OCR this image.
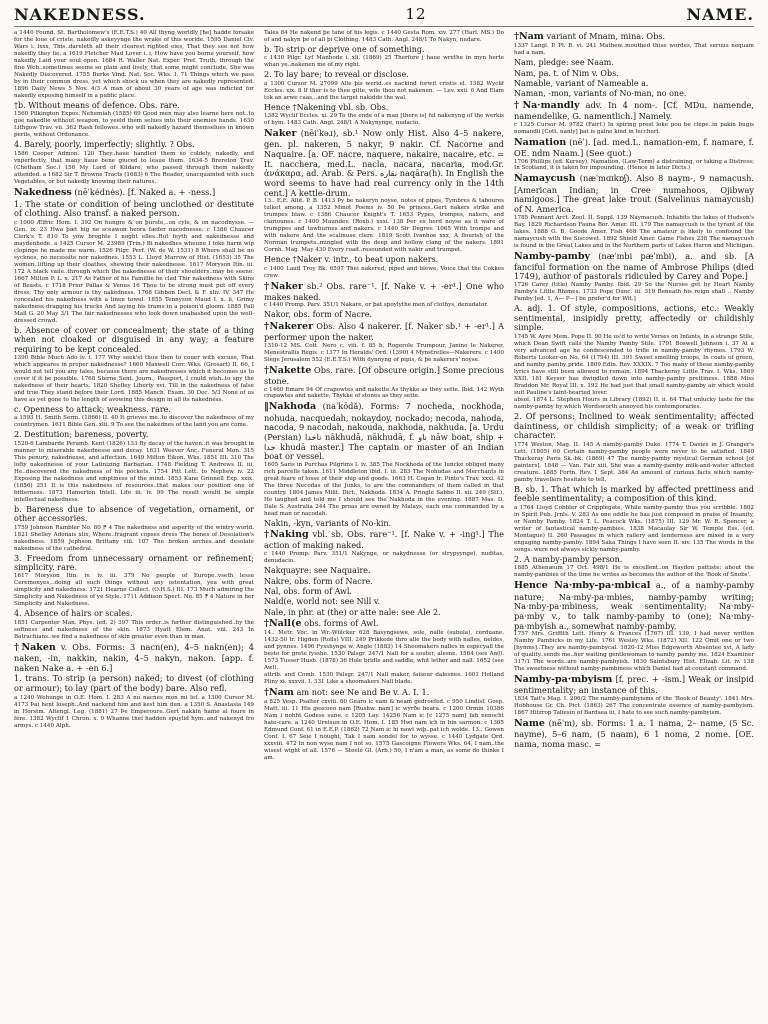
NAKEDNESS.	12	NAME.
a 1440 Found. St. Bartholomew's (E.E.T.S.) 40 All thyng worldly [he] hadde forsake for the loue of criste, nakedly askeyynge the wrake of this worlde. 1595 Daniel Civ. Wars i. lxxx, This..dareleth all their clearest righted eies, That they see not how nakedly they lie. a 1619 Fletcher Mad Lover i. i, How have you borne yourself, how nakedly Laid your soul open. 1684 R. Waller Nat. Exper. Pref. Truth, through the fine Web..sometimes seems so plain and lively, that some might conclude, She was Nakedly Discovered. 1755 Burke Vind. Nat. Soc. Wks. I. 71 Things which we pass by in their common dress, yet which shock us when they are nakedly represented. 1896 Daily News 5 Nov. 4/3 A man of about 30 years of age was indicted for nakedly exposing himself in a public place.
†b. Without means of defence. Obs. rare.
1560 Pilkington Expos. Nehemiah (1585) 69 Good men may also learne here not..to goe nakedlie without weapon, to yeeld them selues into their enemies hands. 1630 Lithgow Trav. vii. 362 Rash fellowes..who will nakedly hazard themselues in known perils, without Ordonance.
4. Barely, poorly, imperfectly; slightly. ? Obs.
1586 Cooper Admon. 120 They..haue handled them so coldely, nakedly, and vnperfectly, that many haue bene giuced to leaue them. 1634-5 Brereton Trav. (Chetham Soc.) 156 My Lord of Kildare, who passed through them nakedly attended. a 1682 Sir T. Browne Tracts (1683) 6 The Reader, unacquainted with such Vegetables, or but nakedly knowing their natures.
Nakedness (nēˈkėdnės). [f. Naked a. + -ness.]
1. The state or condition of being unclothed or destitute of clothing. Also transf. a naked person.
c 1000 Ælfric Hom. I. 392 On hungre & on þurste,..on cyle, & on nacodnysse. — Gen. ix. 23 Hwa þæt hig ne sceawon heora fæder nacodnesse. c 1386 Chaucer Clerk's T. 810 To yow broghte I noght elles..But feyth and nakednesse and maydenhede. a 1425 Cursor M. 23989 (Trin.) Bi nakedhes wheune I toke harm wip clopinge he made me warm. 1526 Pilgr. Perf. (W. de W. 1531) 8 Where shall be no sycknes, no necessite nor nakednes. 1553 L. Lloyd Marrow of Hist. (1653) 35 The women..lifting up their cloathes, shewing their nakednesse. 1617 Moryson Itin. iii. 172 A black vaile..through which the nakednesse of their shoulders..may be seene. 1667 Milton P. L. x. 217 As Father of his Famillie he clad Thir nakedness with Skins of Beasts. c 1718 Prior Pallas & Venus 16 Thou to be strong must put off every dress; Thy only armour is thy nakedness. 1768 Gibbon Decl. & F. xliv. IV. 347 He concealed his nakedness with a linen towel. 1855 Tennyson Maud I. x. ii, Grimy nakedness dragging his trucks And laying his trams in a poison'd gloom. 1885 Pall Mall G. 20 May 3/1 The fair nakednesses who look down unabashed upon the well-dressed crowd.
b. Absence of cover or concealment; the state of a thing when not cloaked or disguised in any way; a feature requiring to be kept concealed.
1390 Bible Much Ado iv. i. 177 Why seek'st thou then to couer with excuse, That which appeares in proper nakednesse? 1660 Maxwell Corr. Wks. (Grosart) II. 66, I would not tell you any tales, because there are nakednesses which it becomes us to cover if it be possible. 1768 Sterne Sent. Journ., Passport, I could wish..to spy the nakedness of their hearts. 1820 Shelley Liberty xvi, Till in the nakedness of false and true They stand before their Lord. 1885 Manch. Exam. 30 Dec. 5/3 None of us have as yet gone to the length of avowing this design in all its nakedness.
c. Openness to attack; weakness. rare.
a 1593 H. Smith Serm. (1866) II. 40 It grieves me..to discover the nakedness of my countrymen. 1611 Bible Gen. xlii. 9 To see the nakednes of the land you are come.
2. Destitution; bareness, poverty.
1520-6 Lambarde Peramb. Kent (1826) 133 By decay of the haven..it was brought in manner to miserable nakednesse and decay. 1631 Weever Anc. Funeral Mon. 315 This penury, nakednesse, and affection. 1649 Milton Eikon. Wks. 1851 III. 310 The lofty nakednesse of your Latinizing Barbarian. 1748 Fielding T. Andrews II. iii, He..discovered the nakedness of his pockets. 1754 Pitt Lett. to Nephew iv. 22 Exposing the nakedness and emptiness of the mind. 1853 Kane Grinnell Exp. xxix. (1856) 251 It is this nakedness of resources..that makes our position one of bitterness. 1873 Hamerton Intell. Life iii. iv. 99 The result would be simple intellectual nakedness.
b. Bareness due to absence of vegetation, ornament, or other accessories.
1759 Johnson Rambler No. 80 ⁋ 4 The nakedness and asperity of the wintry world. 1821 Shelley Adonais xlix, Where..fragrant copses dress The bones of Desolation's nakedness. 1859 Jephson Brittany viii. 107 The broken arches..and desolate nakedness of the cathedral.
3. Freedom from unnecessary ornament or refinement; simplicity. rare.
1617 Moryson Itin. iv. iv. iii. 379 No people of Europe..vseth lesse Ceremonyes,..doing all such things without any ostentation, yea with great simplicity and nakedness. 1721 Hearne Collect. (O.H.S.) III. 173 Much admiring the Simplicity and Nakedness of ye Style. 1711 Addison Spect. No. 85 ⁋ 4 Nature in her Simplicity and Nakedness.
4. Absence of hairs or scales.
1851 Carpenter Man. Phys. (ed. 2) 397 This order..is further distinguished..by the softness and nakedness of the skin. 1873 Hyatt Elem. Anat. viii. 243 In Batrachians..we find a nakedness of skin greater even than in man.
†Naken v. Obs. Forms: 3 nacn(en), 4–5 nakn(en); 4 naken, -in, nakkin, nakin, 4–5 nakyn, nakon. [app. f. naken Nake a. + -en 6.]
1. trans. To strip (a person) naked; to divest (of clothing or armour); to lay (part of the body) bare. Also refl.
a 1240 Wohunge in O.E. Hom. I. 283 A nu nacnes mon mi lef. a 1300 Cursor M. 4173 Þai hent loseph..And nackend him and kest him dun. a 1350 S. Anastasia 149 in Horstm. Altengl. Leg. (1881) 27 Þe Emperoure..Gert nakkin hame al foure in fere. 1382 Wyclif 1 Chron. x. 9 Whanne thei hadden spuylid hym..and nakenyd fro armys. c 1440 Alph.
Tales 84 He nakend þe tane of his legis. c 1440 Gesta Rom. xiv. 277 (Harl. MS.) Do of and nakyn þe of all þi Clothing. 1483 Cath. Angl. 248/1 To Nakyn, nudare.
b. To strip or deprive one of something.
c 1430 Pilgr. Lyf Manhode i. xli. (1869) 25 Therfore j haue wrethe in myn herte whan ye..nakenen me of my right.
2. To lay bare; to reveal or disclose.
a 1300 Cursor M. 27099 Alle þis werld..es nackind forwit cristis el. 1382 Wyclif Eccles. xix. 8 If ther is to thee gilte, wile thou not nakenen. — Lev. xxii. 6 And Elam tok an arwe caas,..and the target nakidde the wal.
Hence †Nakening vbl. sb. Obs.
1382 Wyclif Eccles. xi. 29 To the ende of a man [there is] ful nakenyng of the werkis of hym. 1483 Cath. Angl. 248/1 A Nakynynge, nudacio.
Naker (nēiˈkəɹ), sb.¹ Now only Hist. Also 4–5 nakere, gen. pl. nakeren, 5 nakyr, 9 nakir. Cf. Nacorne and Naquaire. [a. OF. nacre, naquere, nakaire, nacaire, etc. = It. nacchera, med.L. nacla, nacara, nacaria, mod.Gr. ἀνάκαρα, ad. Arab. & Pers. نقاره naqāra(h). In English the word seems to have had real currency only in the 14th cent.] A kettle-drum.
13.. E.E. Allit. P. B. 1413 Þy be nakeryn noyse, notes of pipes, Tymbres & taboures tulket among. a 1352 Minot Poems iv. 50 Þe princes..Gert nakers strike and trumpes blaw. c 1386 Chaucer Knight's T. 1653 Pypes, trompes, nakers, and clariounes. c 1400 Maundev. (Roxb.) xxxi. 138 Þer es herd noyse as it ware of trumppes and tawburnes and nakers. c 1440 Sir Degrev. 1065 With trompe and with nakere And the scalmuse clere. 1819 Scott Ivanhoe xxx, A flourish of the Norman trumpets..mingled with the deep and hollow clang of the nakers. 1891 Cornh. Mag. May 430 Every road..resounded with nakir and trumpet.
Hence †Naker v. intr., to beat upon nakers.
c 1400 Laud Troy Bk. 6597 Thei nakered, piped and blewe, Voice that the Cokkes crew.
†Naker sb.² Obs. rare⁻¹. [f. Nake v. + -er¹.] One who makes naked.
c 1440 Promp. Parv. 351/1 Nakare, or þat spoylythe men of clothys, denudator.
Nakor, obs. form of Nacre.
†Nakerer Obs. Also 4 nakerer. [f. Naker sb.¹ + -er¹.] A performer upon the naker.
1310-12 MS. Cott. Nero c. viii. f. 85 b, Rogerole Trumpour, Janino le Nakerer, Menestrallis Regis. c 1377 In Heralds' Ord. (1390) 4 Mynstrelles—Nakerers. c 1400 Siege Jerusalem 552 (E.E.T.S.) With dynnyng of pipis, & þe nakerers' noyse.
†Nakette Obs. rare. [Of obscure origin.] Some precious stone.
c 1460 Emare 94 Of crapowtes and nakette As thykke as they sette. Ibid. 142 Wyth crapawtes and nakette, Thykke of stones as they sette.
‖Nakhoda (naˈkōdă). Forms: 7 nocheda, nockhoda, nohuda, nacquedah, nokaydoy, nockado; necoda, nahoda, nacoda, 9 nacodah, nakouda, nakhoda, nakhuda. [a. Urdu (Persian) ناخدا nākhudā, nākhudā, f. ناو nāw boat, ship + خدا khudā master.] The captain or master of an Indian boat or vessel.
1605 Saris in Purchas Pilgrims I. iv. 385 The Nockhoda of the Iuncke obliged many rich parcells taken. 1611 Middleton ibid. I. iii. 283 The Nohudas and Merchants in great feare of losse of their ship and goods. 1663 H. Cogan tr. Pinto's Trav. xxxi. 42 The three Necodas of the Junks, to are the commanders of them called in that country. 1804 James Milit. Dict., Nakhoda. 1834 A. Pringle Sabbo II. xii. 249 (Stf.), He laughed and told me I should see the Nakhoda in the evening. 1887 Mas. D. Dale S. Australia 244 The proas are owned by Malays, each one commanded by a head man or nacodah.
Nakin, -kyn, variants of No-kin.
†Naking vbl. sb. Obs. rare⁻¹. [f. Nake v. + -ing¹.] The action of making naked.
c 1440 Promp. Parv. 351/1 Nakynge, or nakydnesse (or strypyynge), nuditas, denudacio.
Nakquayre: see Naquaire.
Nakre, obs. form of Nacre.
Nal, obs. form of Awl.
Nald(e, world not: see Nill v.
Nale, in phr. at (the) or atte nale: see Ale 2.
†Nall(e obs. forms of Awl.
14.. Metr. Voc. in Wr.-Wülcker 628 Basyngsewe, sole, nalle (subula), corduane. 1432-50 tr. Higden (Rolls) VIII. 249 Prikkede thro alle the body with nalles, neldes, and pynnes. 1496 Fysshynge w. Angle (1883) 14 Shoomakers nalles in especyall the beste for grete fysshe. 1530 Palsgr. 247/1 Nall for a souter, alesne. 1564 (see Awl). 1573 Tusser Husb. (1878) 36 Hole bridle and saddle, whit lether and nall. 1652 (see Awl).
attrib. and Comb. 1530 Palsgr. 247/1 Nall maker, faiseur dalesnes. 1601 Holland Pliny xi. xxxvii. I. 331 Like a shoomakers Nall blade.
†Nam am not: see Ne and Be v. A. I. 1.
a 825 Vesp. Psalter cxviii. 60 Gearo ic eam & neam gedroefed. c 950 Lindisf. Gosp. Matt. iii. 11 His gescoeo nam [Rushw. nam] ic wyrðe beara. c 1200 Ormin 10386 Nam i nohht Godess sune. c 1205 Lay. 14256 Nam ic [c 1275 nam] fah nenocht hate-care. a 1240 Ureisun in O.E. Hom. I. 185 Hwi nam ich in bin sarmon. c 1305 Edmund Conf. 61 in E.E.P. (1862) 72 Nam ic hi nawt wiþ..pat ich wolde. 13.. Gowen Conf. I. 67 Seie I nought, Tak I nam sondel for to wysse. c 1440 Lydgate Ord. xxxviii. 472 In non wyse nam I not so. 1575 Gascoigne Flowers Wks. 64, I nam..the wisest wight of all. 1576 — Steele Gl. (Arb.) 50, I n'am a man, as some do thinke I am.
†Nam variant of Mnam, mina. Obs.
1337 Langl. P. Pl. B. vi. 241 Mathew..mouthed thise wordes, That seruus nequam had a nam.
Nam, pledge: see Naam.
Nam, pa. t. of Nim v. Obs.
Namable, variant of Nameable a.
Naman, -mon, variants of No-man, no one.
†Na·mandly adv. In 4 nom-. [Cf. MDu. namende, namendelike, G. namentlich.] Namely.
c 1325 Cursor M. 9782 (Fairf.) In spiring prest loke pou be clepe..in pakin bugis nomandli [Cott. nanly] þat is galne kind in leccherl.
Namation (nēˈ). [ad. med.L. namation-em, f. namare, f. OE. ndm Naam.] (See quot.)
1706 Phillips (ed. Kersey), Namation, (Law-Term) a distraining, or taking a Distress; In Scotland, it is taken for impounding. (Hence in later Dicts.)
Namaycush (næˈmɑɪkɒʃ). Also 8 naym-, 9 namacush. [American Indian; in Cree numahoos, Ojibway namigoos.] The great lake trout (Salvelinus namaycush) of N. America.
1785 Pennant Arct. Zool. II. Suppl. 139 Naymacush. Inhabits the lakes of Hudson's Bay. 1829 Richardson Fauna Bor. Amer. III. 179 The namaycush is the tyrant of the lakes. 1888 G. B. Goode Amer. Fish 468 The amateur is likely to confound the namaycush with the Siscowet. 1892 Shield Amer. Game Fishes 238 The namaycush is found in the Great Lakes and in the Northern parts of Lakes Huron and Michigan.
Namby-pamby (næˈmbi pæˈmbi), a. and sb. [A fanciful formation on the name of Ambrose Philips (died 1749), author of pastorals ridiculed by Carey and Pope.]
1726 Carey (title) Namby Pamby. Ibid. 29 So the Nurses get by Heart Namby Pamby's Little Rhimes. 1733 Pope Dunc. iii. 319 Beneath his reign shall .. Namby Pamby [ed. 1, A— P—] be prefer'd for Wit.]
A. adj. 1. Of style, compositions, actions, etc.: Weakly sentimental, insipidly pretty, affectedly or childishly simple.
1745 W. Ayre Mem. Pope II. 90 He us'd to write Verses on Infants, in a strange Stile, which Dean Swift calls the Namby Pamby Stile. 1791 Boswell Johnson i. 37 At a very advanced age he condescended to trifle in namby-pamby rhymes. 1793 W. Roberts Looker-on No. 64 (1794) III. 391 Sweet smelling troops, In coats of green, and namby pamby pride. 1809 Edin. Rev. XXXIX. 7 Too many of these namby-pamby lyrics have still been allowed to remain. 1894 Thackeray Little Trav. I. Wks. 1869 XXII. 181 Keyser has dwindled down into namby-pamby prettiness. 1888 Miss Braddon Mr. Royal III. x. 192 He had just that small namby-pamby air which would suit Pauline's faint-hearted lover.
absol. 1874 L. Stephen Hours in Library (1892) II. ii. 64 That unlucky taste for the namby-pamby by which Wordsworth annoyed his contemporaries.
2. Of persons: Inclined to weak sentimentality; affected daintiness, or childish simplicity; of a weak or trifling character.
1774 Weston, Mag. II. 145 A namby-pamby Duke. 1774 T. Davies in J. Granger's Lett. (1805) 60 Certain namby-pamby people were never to be satisfied. 1840 Thackeray Paris Sk.-bk. (1869) 47 The namby-pamby mystical German school [of painters]. 1848 — Van. Fair xiii, She was a namby-pamby milk-and-water affected creature. 1885 Fortn. Rev. 1 Sept. 384 An amount of curious facts which namby-pamby travellers hesitate to tell.
B. sb. 1. That which is marked by affected prettiness and feeble sentimentality; a composition of this kind.
a 1764 Lloyd Cobbler of Cripplegate, While namby-pamby thus you scribble. 1802 in Spirit Pub. Jrnls. V. 283 As one oddle he has just composed in praise of Insanity, or Namby Pamby. 1824 T. L. Peacock Wks. (1875) III. 129 Mr. W. R. Spencer, a writer of fantastical namby-pambies. 1838 Macaulay Sir W. Temple Ess. (ed. Montague) II. 260 Passages in which railery and tenderness are mixed in a very engaging namby-pamby. 1894 Saka Things I have seen II. xiv. 135 The words in the songs..were not always sickly namby-pamby.
2. A namby-pamby person.
1885 Athenæum 17 Oct. 498/1 He is excellent..on Haydon pattiste; about the namby-pambies of the time he writes as becomes the author of the 'Book of Snobs'.
Hence Na·mby-pa·mbical a., of a namby-pamby nature; Na·mby-pa·mbies, namby-pamby writing; Na·mby-pa·mbiness, weak sentimentality; Na·mby-pa·mby v., to talk namby-pamby to (one); Na·mby-pa·mbyish a., somewhat namby-pamby.
1757 Mrs. Griffith Lett. Henry & Frances (1767) III. 139, I had never written Namby Pambicks in my Life. 1761 Wesley Wks. (1872) XII. 122 Omit one or two [hymns]..They are namby-pambycal. 1820-12 Miss Edgeworth Absentee xvi, A lady of quality..sends me..her waiting gentlewoman to namby pamby me. 1824 Examiner 317/1 The words..are namby-pambyish. 1830 Saintsbury Hist. Elizab. Lit. iv. 138 The sweetness without namby-pambiness which Daniel had at constant command.
Namby-pa·mbyism [f. prec. + -ism.] Weak or insipid sentimentality; an instance of this.
1834 Tait's Mag. I. 206/2 The namby-pambyisms of the 'Book of Beauty'. 1841 Mrs. Hobhouse Gr. Ch. Pict. (1863) 267 The concentrate essence of namby-pambyism. 1867 Hitzrop Taliesin of Bardsea iii, I hate to see such namby-pambyism.
Name (nēˈm), sb. Forms: 1 a. 1 nama, 2– name, (5 Sc. nayme), 5–6 nam, (5 naam), 6 1 noma, 2 nome. [OE. nama, noma masc. =
